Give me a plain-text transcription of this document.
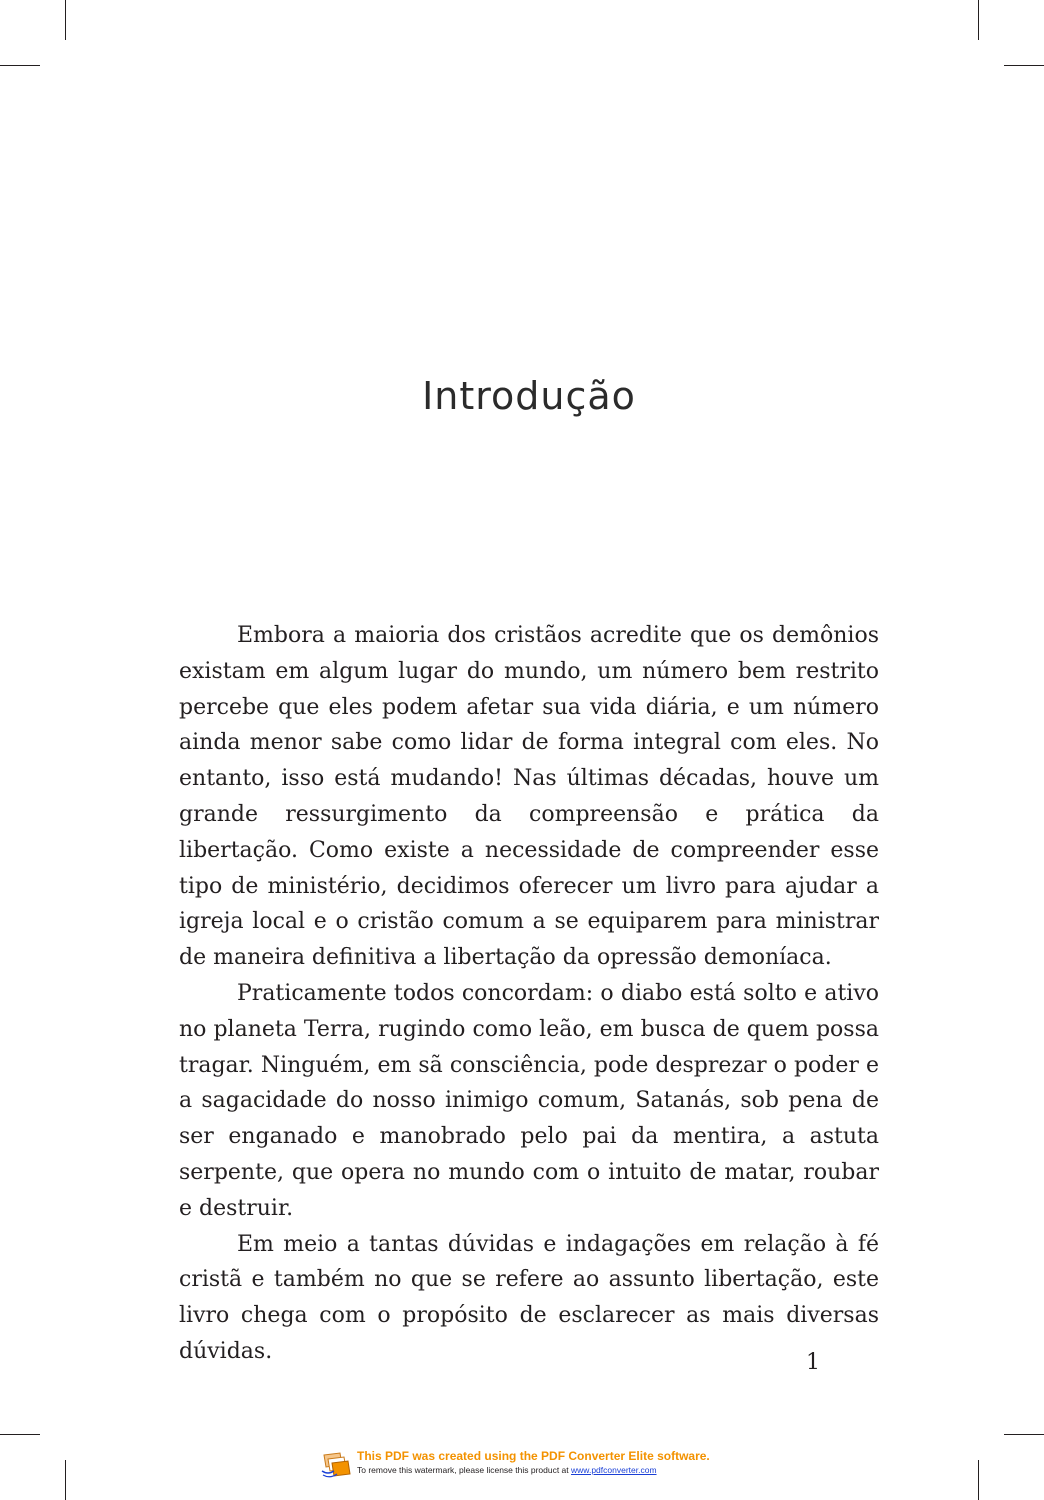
Introdução

Embora a maioria dos cristãos acredite que os demônios existam em algum lugar do mundo, um número bem restrito percebe que eles podem afetar sua vida diária, e um número ainda menor sabe como lidar de forma integral com eles. No entanto, isso está mudando! Nas últimas décadas, houve um grande ressurgimento da compreensão e prática da libertação. Como existe a necessidade de compreender esse tipo de ministério, decidimos oferecer um livro para ajudar a igreja local e o cristão comum a se equiparem para ministrar de maneira definitiva a libertação da opressão demoníaca.

Praticamente todos concordam: o diabo está solto e ativo no planeta Terra, rugindo como leão, em busca de quem possa tragar. Ninguém, em sã consciência, pode desprezar o poder e a sagacidade do nosso inimigo comum, Satanás, sob pena de ser enganado e manobrado pelo pai da mentira, a astuta serpente, que opera no mundo com o intuito de matar, roubar e destruir.

Em meio a tantas dúvidas e indagações em relação à fé cristã e também no que se refere ao assunto libertação, este livro chega com o propósito de esclarecer as mais diversas dúvidas.	1
This PDF was created using the PDF Converter Elite software.
To remove this watermark, please license this product at www.pdfconverter.com
